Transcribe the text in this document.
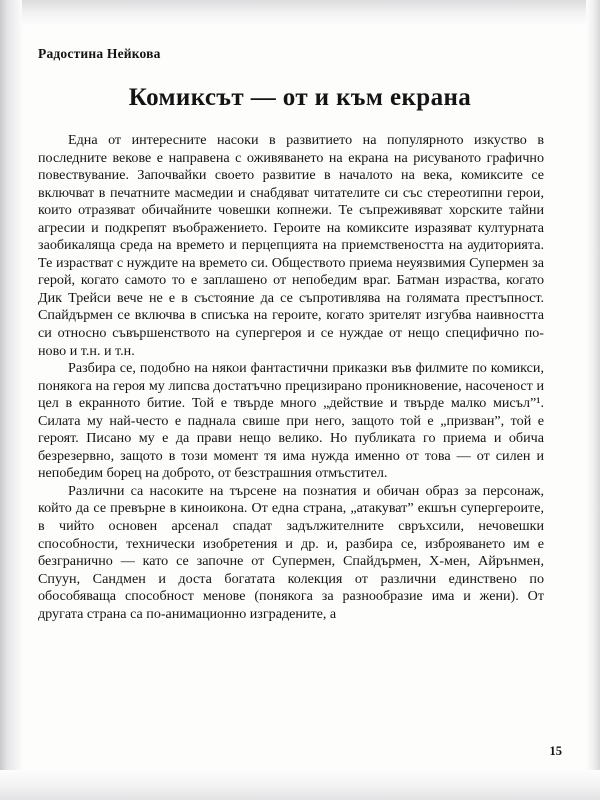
Радостина Нейкова
Комиксът — от и към екрана

Една от интересните насоки в развитието на популярното изкуство в последните векове е направена с оживяването на екрана на рисуваното графично повествувание. Започвайки своето развитие в началото на века, комиксите се включват в печатните масмедии и снабдяват читателите си със стереотипни герои, които отразяват обичайните човешки копнежи. Те съпреживяват хорските тайни агресии и подкрепят въображението. Героите на комиксите изразяват културната заобикаляща среда на времето и перцепцията на приемствеността на аудиторията. Те израстват с нуждите на времето си. Обществото приема неуязвимия Супермен за герой, когато самото то е заплашено от непобедим враг. Батман израства, когато Дик Трейси вече не е в състояние да се съпротивлява на голямата престъпност. Спайдърмен се включва в списъка на героите, когато зрителят изгубва наивността си относно съвършенството на супергероя и се нуждае от нещо специфично по-ново и т.н. и т.н.

Разбира се, подобно на някои фантастични приказки във филмите по комикси, понякога на героя му липсва достатъчно прецизирано проникновение, насоченост и цел в екранното битие. Той е твърде много „действие и твърде малко мисъл”¹. Силата му най-често е паднала свише при него, защото той е „призван”, той е героят. Писано му е да прави нещо велико. Но публиката го приема и обича безрезервно, защото в този момент тя има нужда именно от това — от силен и непобедим борец на доброто, от безстрашния отмъстител.

Различни са насоките на търсене на познатия и обичан образ за персонаж, който да се превърне в киноикона. От една страна, „атакуват” екшън супергероите, в чийто основен арсенал спадат задължителните свръхсили, нечовешки способности, технически изобретения и др. и, разбира се, изброяването им е безгранично — като се започне от Супермен, Спайдърмен, Х-мен, Айрънмен, Спуун, Сандмен и доста богатата колекция от различни единствено по обособяваща способност менове (понякога за разнообразие има и жени). От другата страна са по-анимационно изградените, а

15
